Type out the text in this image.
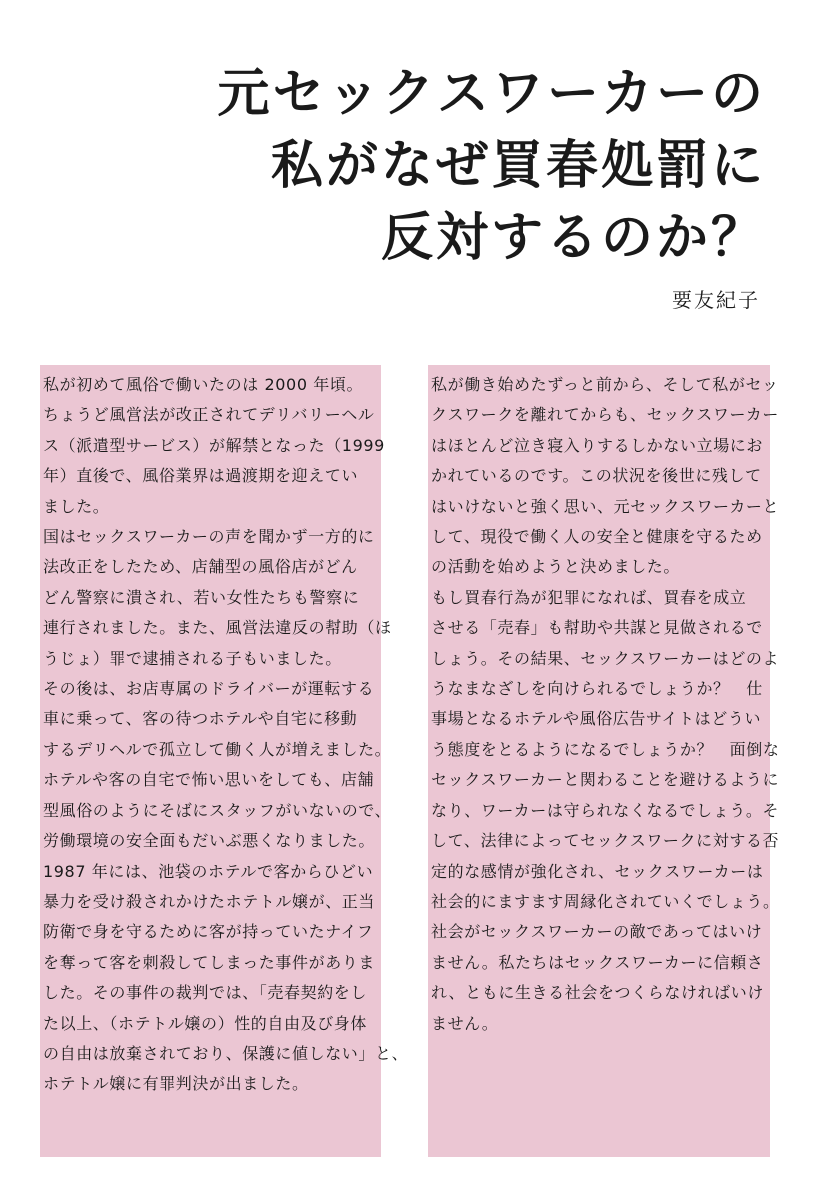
元セックスワーカーの
私がなぜ買春処罰に
反対するのか？

要友紀子

私が初めて風俗で働いたのは 2000 年頃。
ちょうど風営法が改正されてデリバリーヘル
ス（派遣型サービス）が解禁となった（1999
年）直後で、風俗業界は過渡期を迎えてい
ました。

国はセックスワーカーの声を聞かず一方的に
法改正をしたため、店舗型の風俗店がどん
どん警察に潰され、若い女性たちも警察に
連行されました。また、風営法違反の幇助（ほ
うじょ）罪で逮捕される子もいました。

その後は、お店専属のドライバーが運転する
車に乗って、客の待つホテルや自宅に移動
するデリヘルで孤立して働く人が増えました。
ホテルや客の自宅で怖い思いをしても、店舗
型風俗のようにそばにスタッフがいないので、
労働環境の安全面もだいぶ悪くなりました。

1987 年には、池袋のホテルで客からひどい
暴力を受け殺されかけたホテトル嬢が、正当
防衛で身を守るために客が持っていたナイフ
を奪って客を刺殺してしまった事件がありま
した。その事件の裁判では、「売春契約をし
た以上、（ホテトル嬢の）性的自由及び身体
の自由は放棄されており、保護に値しない」と、
ホテトル嬢に有罪判決が出ました。

私が働き始めたずっと前から、そして私がセッ
クスワークを離れてからも、セックスワーカー
はほとんど泣き寝入りするしかない立場にお
かれているのです。この状況を後世に残して
はいけないと強く思い、元セックスワーカーと
して、現役で働く人の安全と健康を守るため
の活動を始めようと決めました。

もし買春行為が犯罪になれば、買春を成立
させる「売春」も幇助や共謀と見做されるで
しょう。その結果、セックスワーカーはどのよ
うなまなざしを向けられるでしょうか？　仕
事場となるホテルや風俗広告サイトはどうい
う態度をとるようになるでしょうか？　面倒な
セックスワーカーと関わることを避けるように
なり、ワーカーは守られなくなるでしょう。そ
して、法律によってセックスワークに対する否
定的な感情が強化され、セックスワーカーは
社会的にますます周縁化されていくでしょう。

社会がセックスワーカーの敵であってはいけ
ません。私たちはセックスワーカーに信頼さ
れ、ともに生きる社会をつくらなければいけ
ません。
